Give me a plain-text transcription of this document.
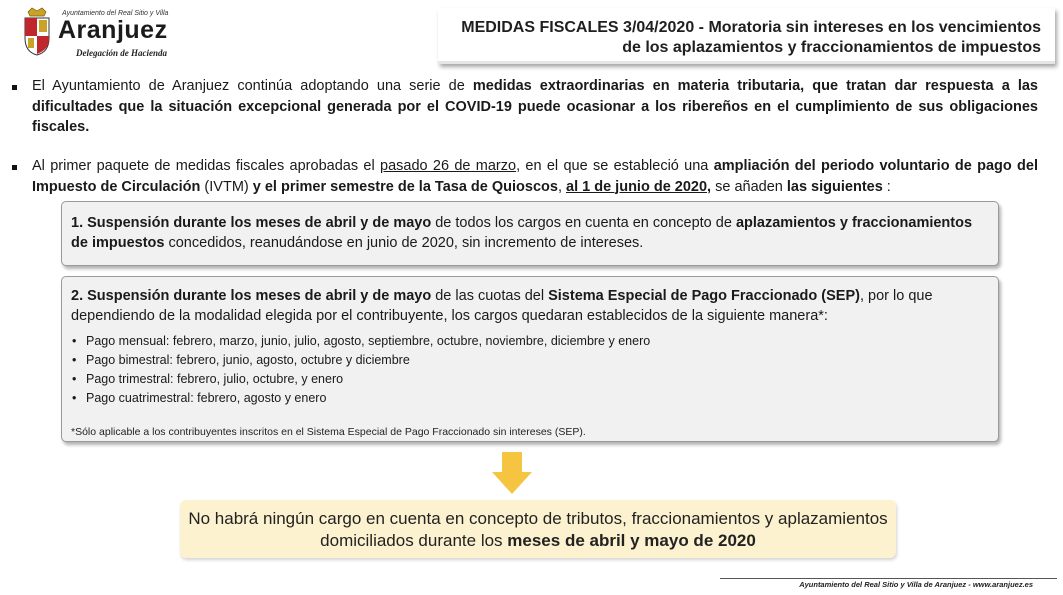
Ayuntamiento del Real Sitio y Villa
Aranjuez
Delegación de Hacienda
MEDIDAS FISCALES 3/04/2020 - Moratoria sin intereses en los vencimientos de los aplazamientos y fraccionamientos de impuestos
El Ayuntamiento de Aranjuez continúa adoptando una serie de medidas extraordinarias en materia tributaria, que tratan dar respuesta a las dificultades que la situación excepcional generada por el COVID-19 puede ocasionar a los ribereños en el cumplimiento de sus obligaciones fiscales.
Al primer paquete de medidas fiscales aprobadas el pasado 26 de marzo, en el que se estableció una ampliación del periodo voluntario de pago del Impuesto de Circulación (IVTM) y el primer semestre de la Tasa de Quioscos, al 1 de junio de 2020, se añaden las siguientes :
1. Suspensión durante los meses de abril y de mayo de todos los cargos en cuenta en concepto de aplazamientos y fraccionamientos de impuestos concedidos, reanudándose en junio de 2020, sin incremento de intereses.
2. Suspensión durante los meses de abril y de mayo de las cuotas del Sistema Especial de Pago Fraccionado (SEP), por lo que dependiendo de la modalidad elegida por el contribuyente, los cargos quedaran establecidos de la siguiente manera*:
• Pago mensual: febrero, marzo, junio, julio, agosto, septiembre, octubre, noviembre, diciembre y enero
• Pago bimestral: febrero, junio, agosto, octubre y diciembre
• Pago trimestral: febrero, julio, octubre, y enero
• Pago cuatrimestral: febrero, agosto y enero
*Sólo aplicable a los contribuyentes inscritos en el Sistema Especial de Pago Fraccionado sin intereses (SEP).
No habrá ningún cargo en cuenta en concepto de tributos, fraccionamientos y aplazamientos domiciliados durante los meses de abril y mayo de 2020
Ayuntamiento del Real Sitio y Villa de Aranjuez - www.aranjuez.es
